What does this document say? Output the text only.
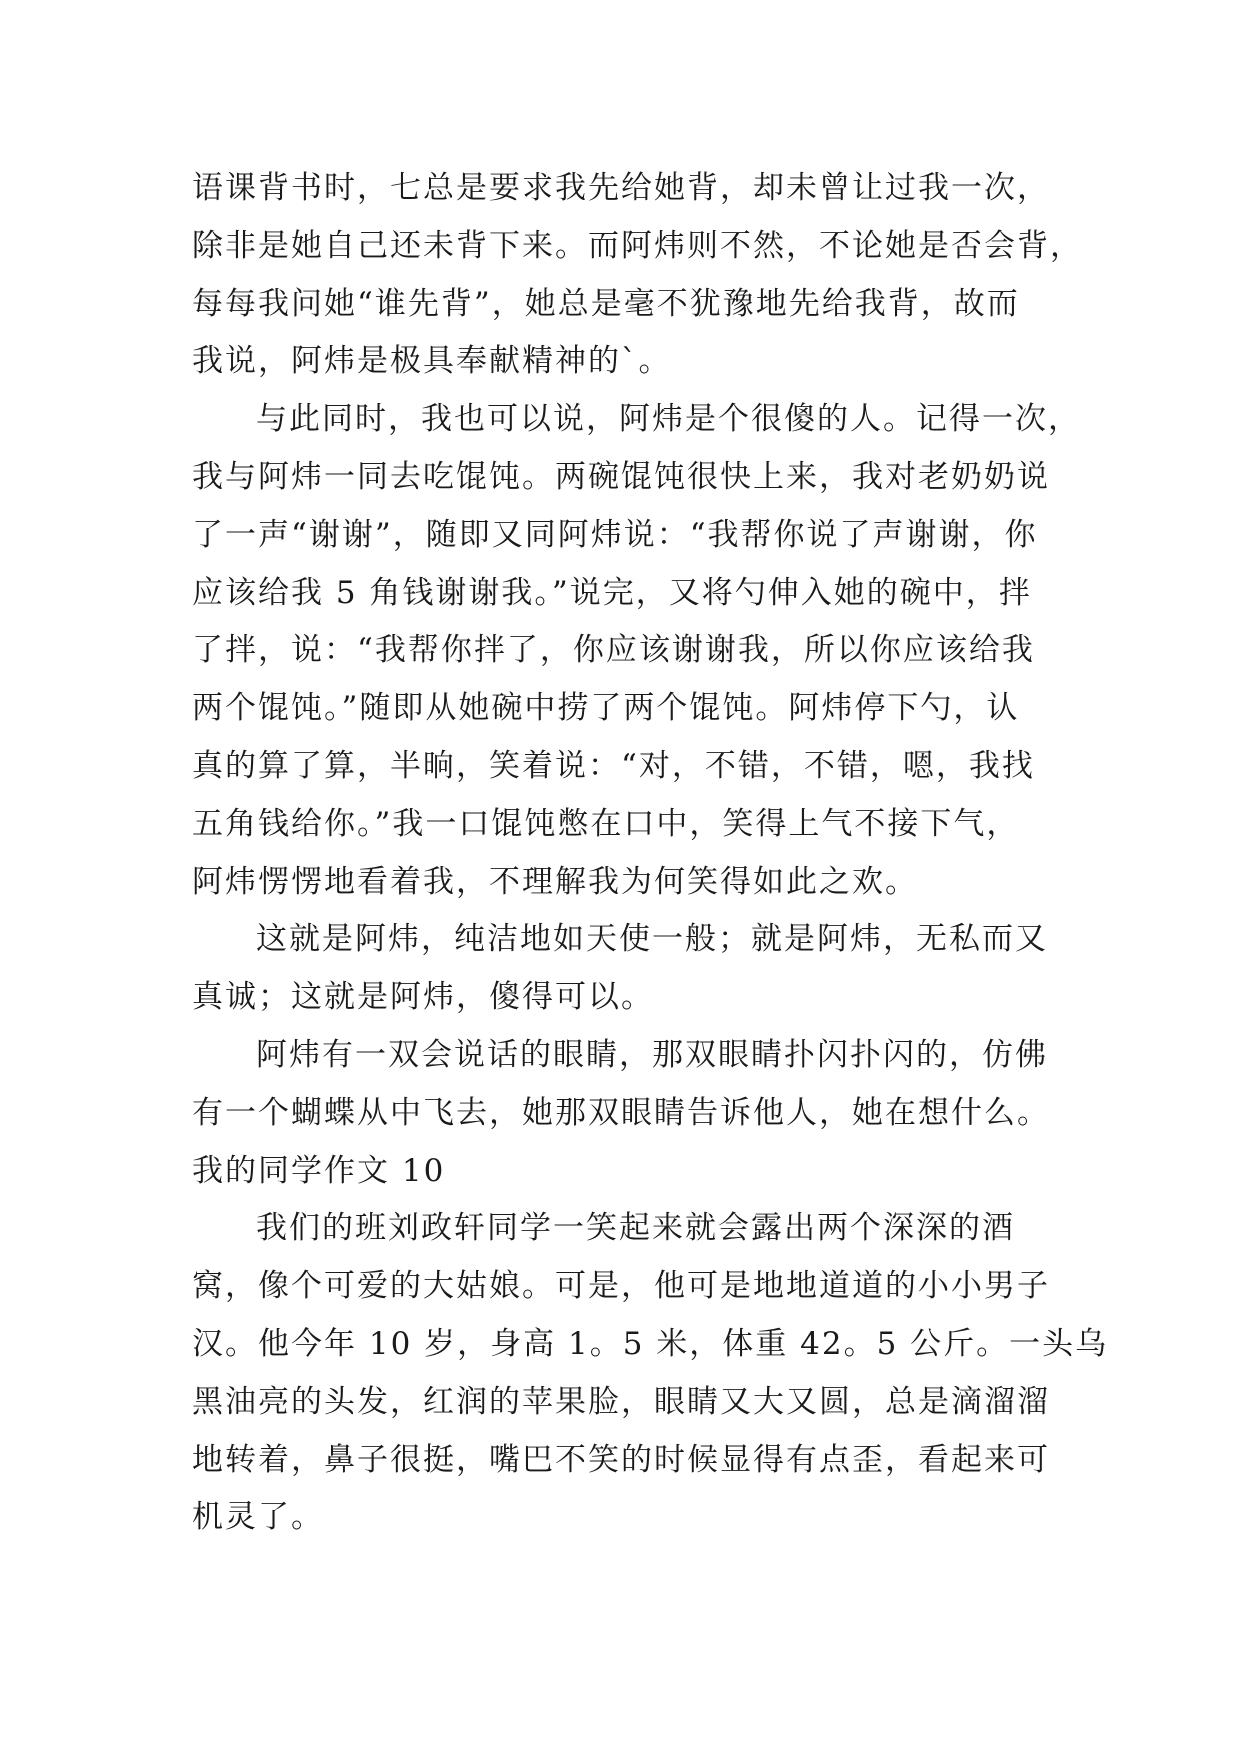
语课背书时，七总是要求我先给她背，却未曾让过我一次，
除非是她自己还未背下来。而阿炜则不然，不论她是否会背，
每每我问她“谁先背”，她总是毫不犹豫地先给我背，故而
我说，阿炜是极具奉献精神的`。
与此同时，我也可以说，阿炜是个很傻的人。记得一次，
我与阿炜一同去吃馄饨。两碗馄饨很快上来，我对老奶奶说
了一声“谢谢”，随即又同阿炜说：“我帮你说了声谢谢，你
应该给我 5 角钱谢谢我。”说完，又将勺伸入她的碗中，拌
了拌，说：“我帮你拌了，你应该谢谢我，所以你应该给我
两个馄饨。”随即从她碗中捞了两个馄饨。阿炜停下勺，认
真的算了算，半晌，笑着说：“对，不错，不错，嗯，我找
五角钱给你。”我一口馄饨憋在口中，笑得上气不接下气，
阿炜愣愣地看着我，不理解我为何笑得如此之欢。
这就是阿炜，纯洁地如天使一般；就是阿炜，无私而又
真诚；这就是阿炜，傻得可以。
阿炜有一双会说话的眼睛，那双眼睛扑闪扑闪的，仿佛
有一个蝴蝶从中飞去，她那双眼睛告诉他人，她在想什么。
我的同学作文 10
我们的班刘政轩同学一笑起来就会露出两个深深的酒
窝，像个可爱的大姑娘。可是，他可是地地道道的小小男子
汉。他今年 10 岁，身高 1。5 米，体重 42。5 公斤。一头乌
黑油亮的头发，红润的苹果脸，眼睛又大又圆，总是滴溜溜
地转着，鼻子很挺，嘴巴不笑的时候显得有点歪，看起来可
机灵了。
